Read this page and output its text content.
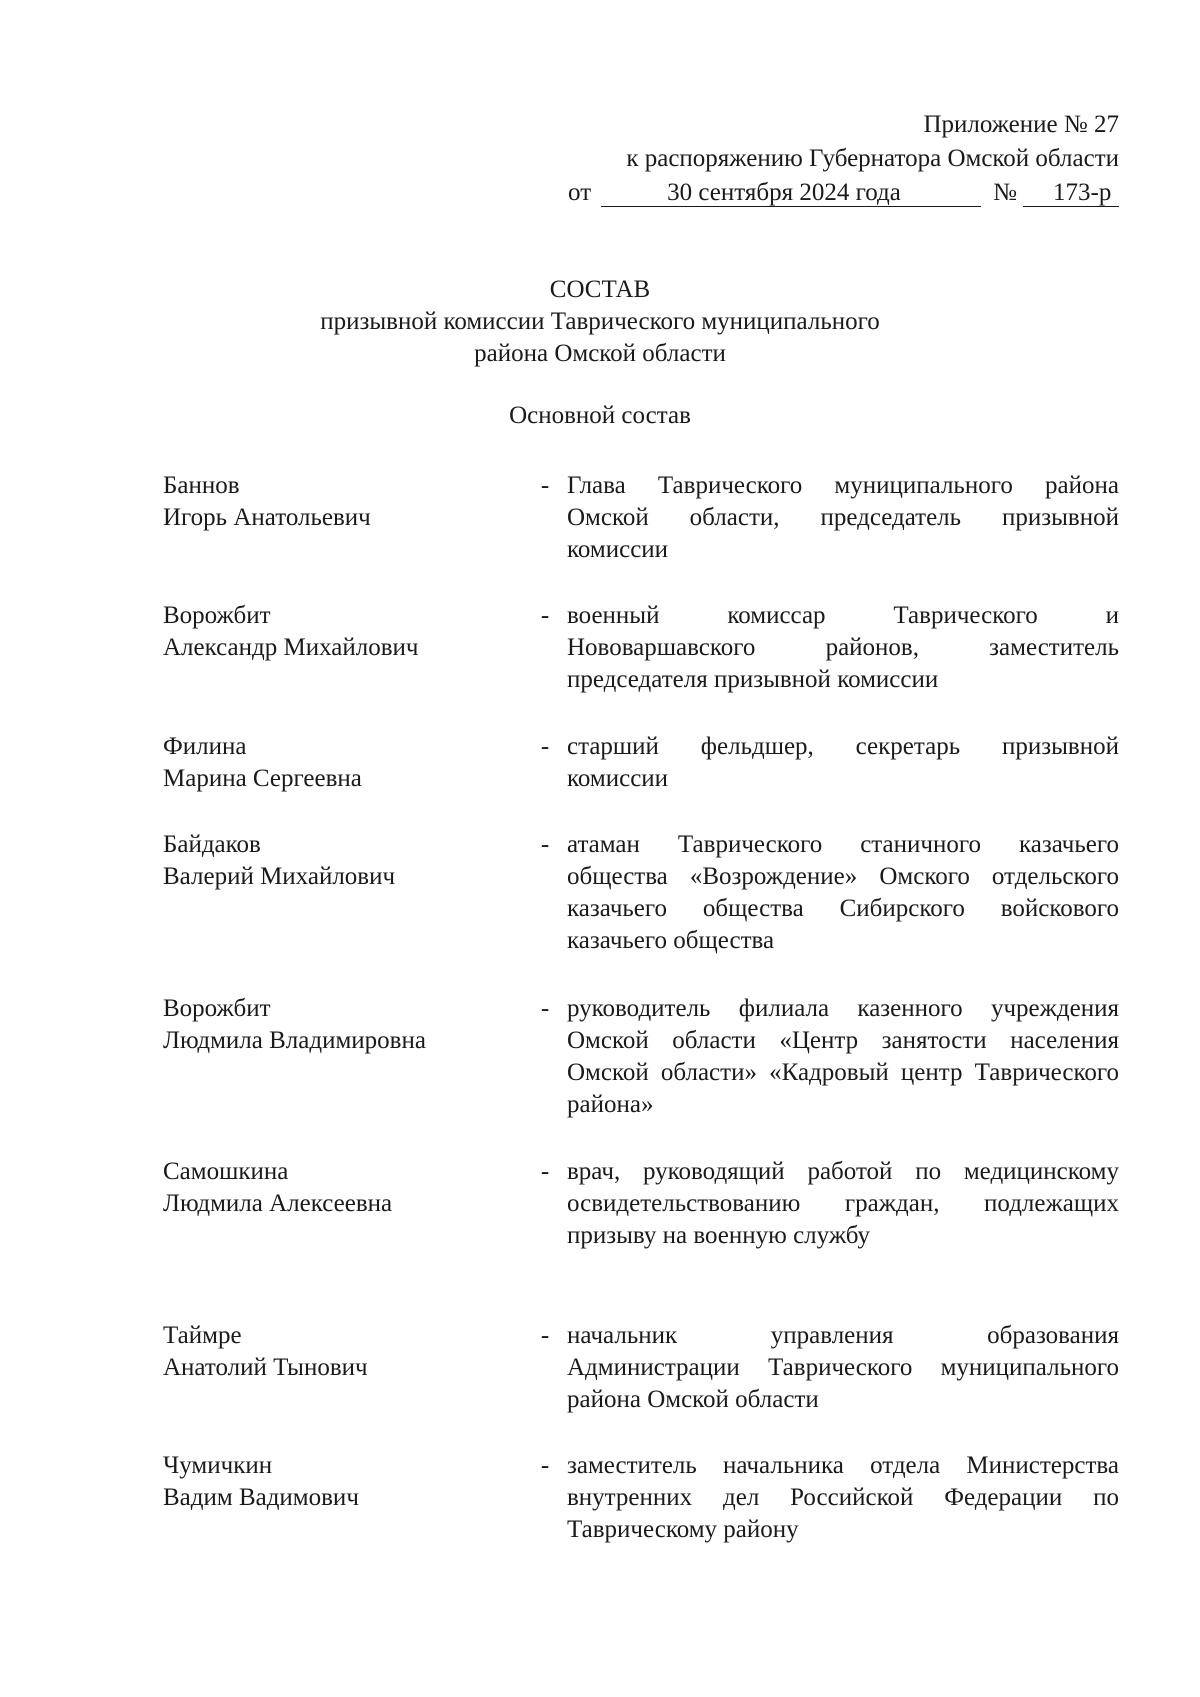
Приложение № 27
к распоряжению Губернатора Омской области
от	30 сентября 2024 года	№	173-р
СОСТАВ
призывной комиссии Таврического муниципального
района Омской области
Основной состав
Баннов
Игорь Анатольевич
- Глава Таврического муниципального района Омской области, председатель призывной комиссии
Ворожбит
Александр Михайлович
- военный комиссар Таврического и Нововаршавского районов, заместитель председателя призывной комиссии
Филина
Марина Сергеевна
- старший фельдшер, секретарь призывной комиссии
Байдаков
Валерий Михайлович
- атаман Таврического станичного казачьего общества «Возрождение» Омского отдельского казачьего общества Сибирского войскового казачьего общества
Ворожбит
Людмила Владимировна
- руководитель филиала казенного учреждения Омской области «Центр занятости населения Омской области» «Кадровый центр Таврического района»
Самошкина
Людмила Алексеевна
- врач, руководящий работой по медицинскому освидетельствованию граждан, подлежащих призыву на военную службу
Таймре
Анатолий Тынович
- начальник управления образования Администрации Таврического муниципального района Омской области
Чумичкин
Вадим Вадимович
- заместитель начальника отдела Министерства внутренних дел Российской Федерации по Таврическому району
